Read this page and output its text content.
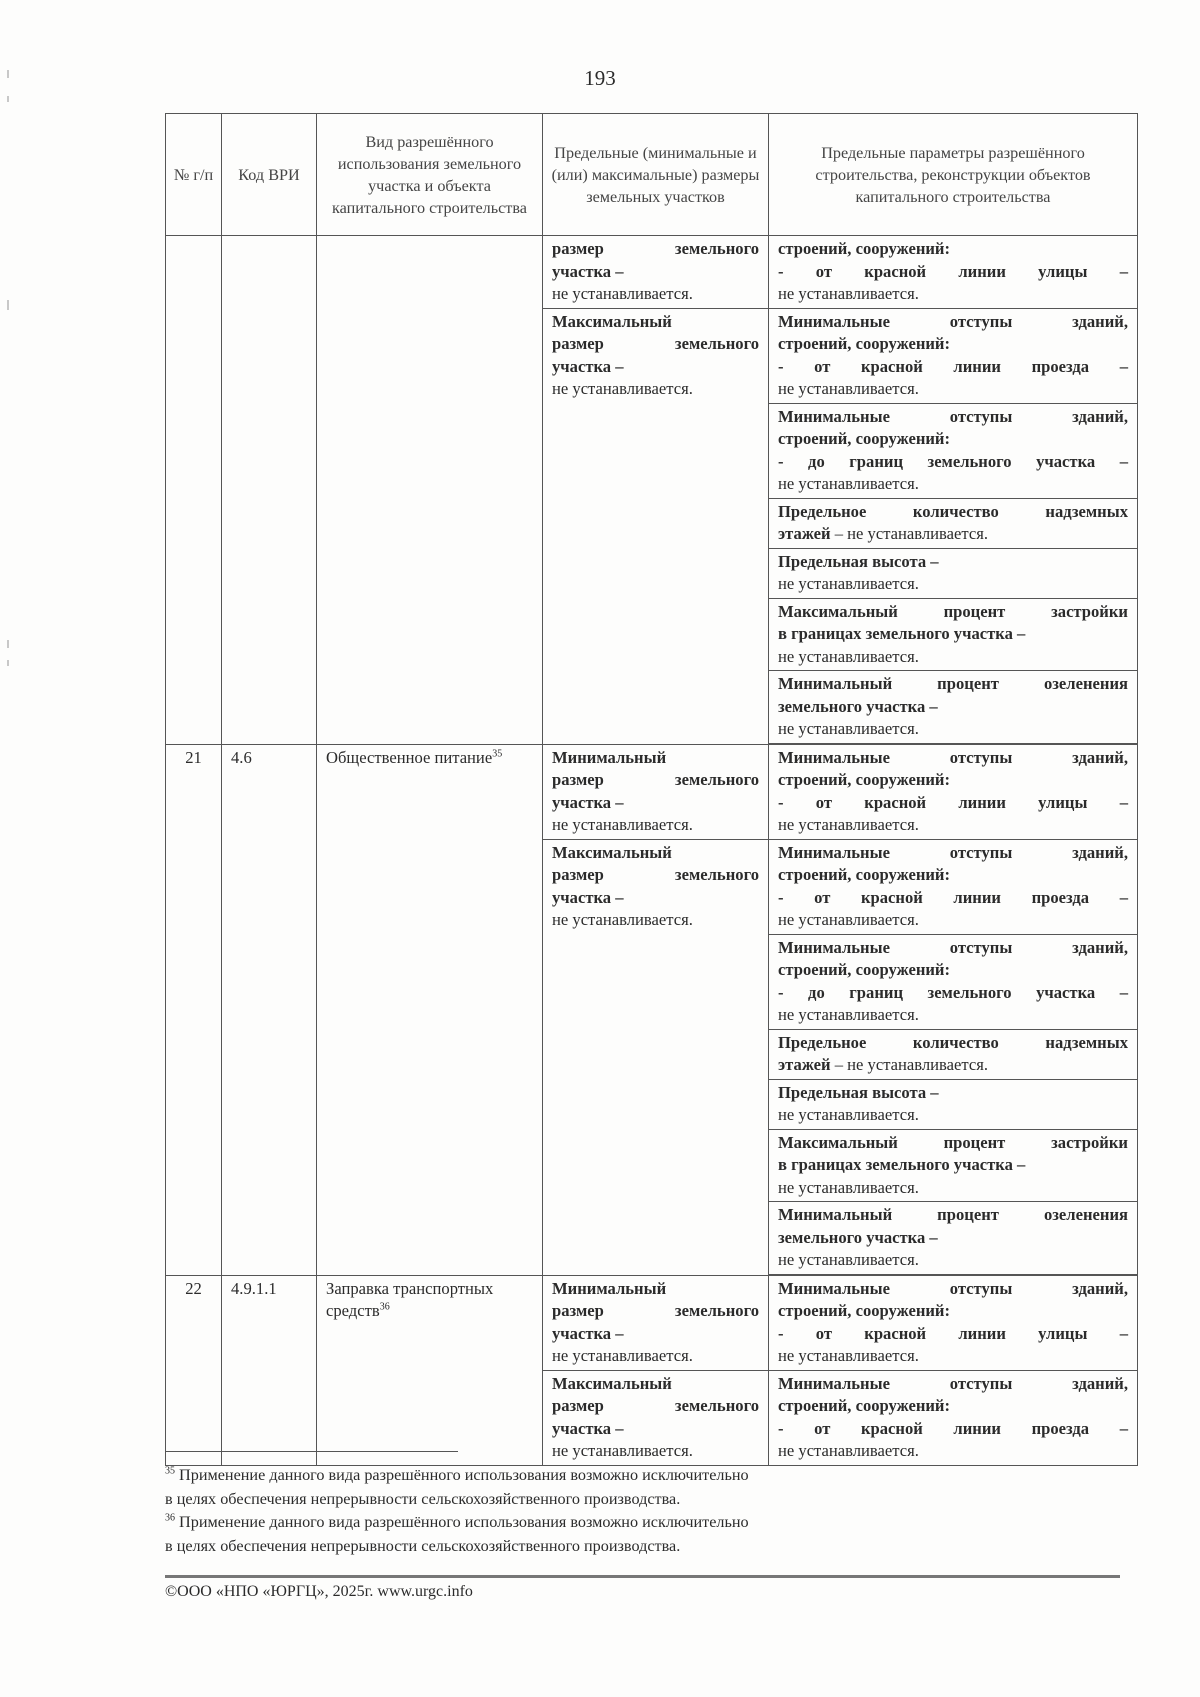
193
№ г/п	Код ВРИ	Вид разрешённого использования земельного участка и объекта капитального строительства	Предельные (минимальные и (или) максимальные) размеры земельных участков	Предельные параметры разрешённого строительства, реконструкции объектов капитального строительства

			размер земельного
участка –
не устанавливается.	строений, сооружений:
- от красной линии улицы –
не устанавливается.

			Максимальный
размер земельного
участка –
не устанавливается.	Минимальные отступы зданий,
строений, сооружений:
- от красной линии проезда –
не устанавливается.

				Минимальные отступы зданий,
строений, сооружений:
- до границ земельного участка –
не устанавливается.

				Предельное количество надземных
этажей – не устанавливается.

				Предельная высота –
не устанавливается.

				Максимальный процент застройки
в границах земельного участка –
не устанавливается.

				Минимальный процент озеленения
земельного участка –
не устанавливается.

21	4.6	Общественное питание$^{35}$	Минимальный
размер земельного
участка –
не устанавливается.	Минимальные отступы зданий,
строений, сооружений:
- от красной линии улицы –
не устанавливается.

			Максимальный
размер земельного
участка –
не устанавливается.	Минимальные отступы зданий,
строений, сооружений:
- от красной линии проезда –
не устанавливается.

				Минимальные отступы зданий,
строений, сооружений:
- до границ земельного участка –
не устанавливается.

				Предельное количество надземных
этажей – не устанавливается.

				Предельная высота –
не устанавливается.

				Максимальный процент застройки
в границах земельного участка –
не устанавливается.

				Минимальный процент озеленения
земельного участка –
не устанавливается.

22	4.9.1.1	Заправка транспортных средств$^{36}$	Минимальный
размер земельного
участка –
не устанавливается.	Минимальные отступы зданий,
строений, сооружений:
- от красной линии улицы –
не устанавливается.

			Максимальный
размер земельного
участка –
не устанавливается.	Минимальные отступы зданий,
строений, сооружений:
- от красной линии проезда –
не устанавливается.
$^{35}$ Применение данного вида разрешённого использования возможно исключительно
в целях обеспечения непрерывности сельскохозяйственного производства.
$^{36}$ Применение данного вида разрешённого использования возможно исключительно
в целях обеспечения непрерывности сельскохозяйственного производства.
©ООО «НПО «ЮРГЦ», 2025г. www.urgc.info
